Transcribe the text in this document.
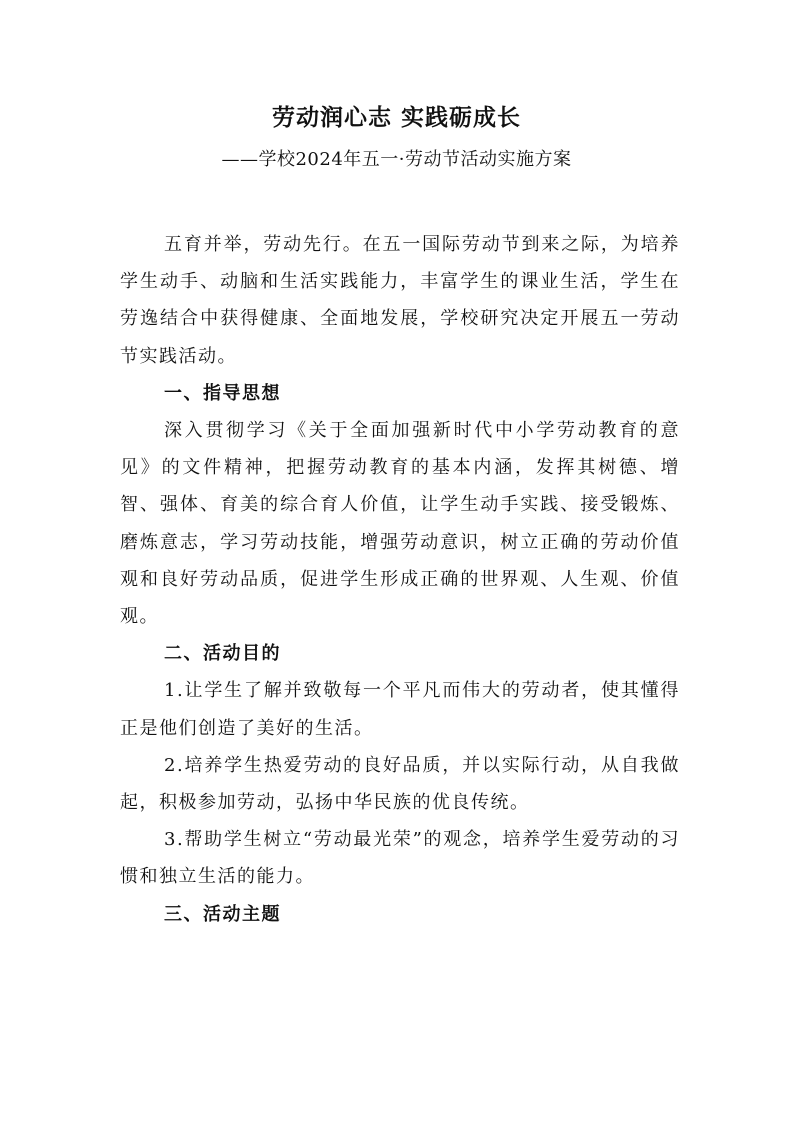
劳动润心志 实践砺成长
——学校2024年五一·劳动节活动实施方案

五育并举，劳动先行。在五一国际劳动节到来之际，为培养学生动手、动脑和生活实践能力，丰富学生的课业生活，学生在劳逸结合中获得健康、全面地发展，学校研究决定开展五一劳动节实践活动。

一、指导思想

深入贯彻学习《关于全面加强新时代中小学劳动教育的意见》的文件精神，把握劳动教育的基本内涵，发挥其树德、增智、强体、育美的综合育人价值，让学生动手实践、接受锻炼、磨炼意志，学习劳动技能，增强劳动意识，树立正确的劳动价值观和良好劳动品质，促进学生形成正确的世界观、人生观、价值观。

二、活动目的

1.让学生了解并致敬每一个平凡而伟大的劳动者，使其懂得正是他们创造了美好的生活。

2.培养学生热爱劳动的良好品质，并以实际行动，从自我做起，积极参加劳动，弘扬中华民族的优良传统。

3.帮助学生树立“劳动最光荣”的观念，培养学生爱劳动的习惯和独立生活的能力。

三、活动主题
